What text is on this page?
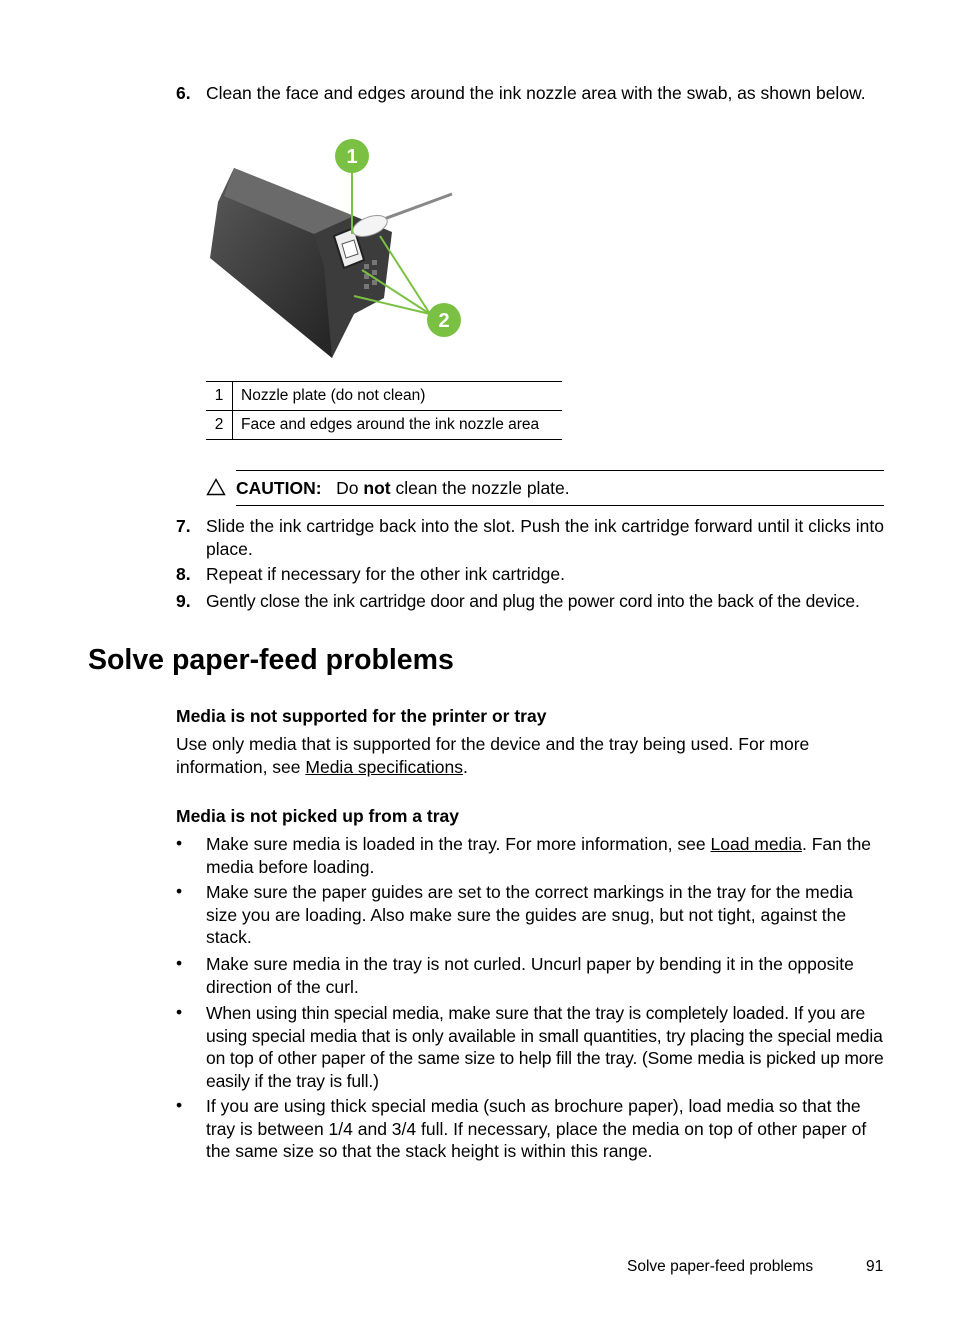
6. Clean the face and edges around the ink nozzle area with the swab, as shown below.
1
2
1	Nozzle plate (do not clean)
2	Face and edges around the ink nozzle area
CAUTION: Do not clean the nozzle plate.
7. Slide the ink cartridge back into the slot. Push the ink cartridge forward until it clicks into place.
8. Repeat if necessary for the other ink cartridge.
9. Gently close the ink cartridge door and plug the power cord into the back of the device.
Solve paper-feed problems
Media is not supported for the printer or tray
Use only media that is supported for the device and the tray being used. For more information, see Media specifications.
Media is not picked up from a tray
• Make sure media is loaded in the tray. For more information, see Load media. Fan the media before loading.
• Make sure the paper guides are set to the correct markings in the tray for the media size you are loading. Also make sure the guides are snug, but not tight, against the stack.
• Make sure media in the tray is not curled. Uncurl paper by bending it in the opposite direction of the curl.
• When using thin special media, make sure that the tray is completely loaded. If you are using special media that is only available in small quantities, try placing the special media on top of other paper of the same size to help fill the tray. (Some media is picked up more easily if the tray is full.)
• If you are using thick special media (such as brochure paper), load media so that the tray is between 1/4 and 3/4 full. If necessary, place the media on top of other paper of the same size so that the stack height is within this range.
Solve paper-feed problems	91
